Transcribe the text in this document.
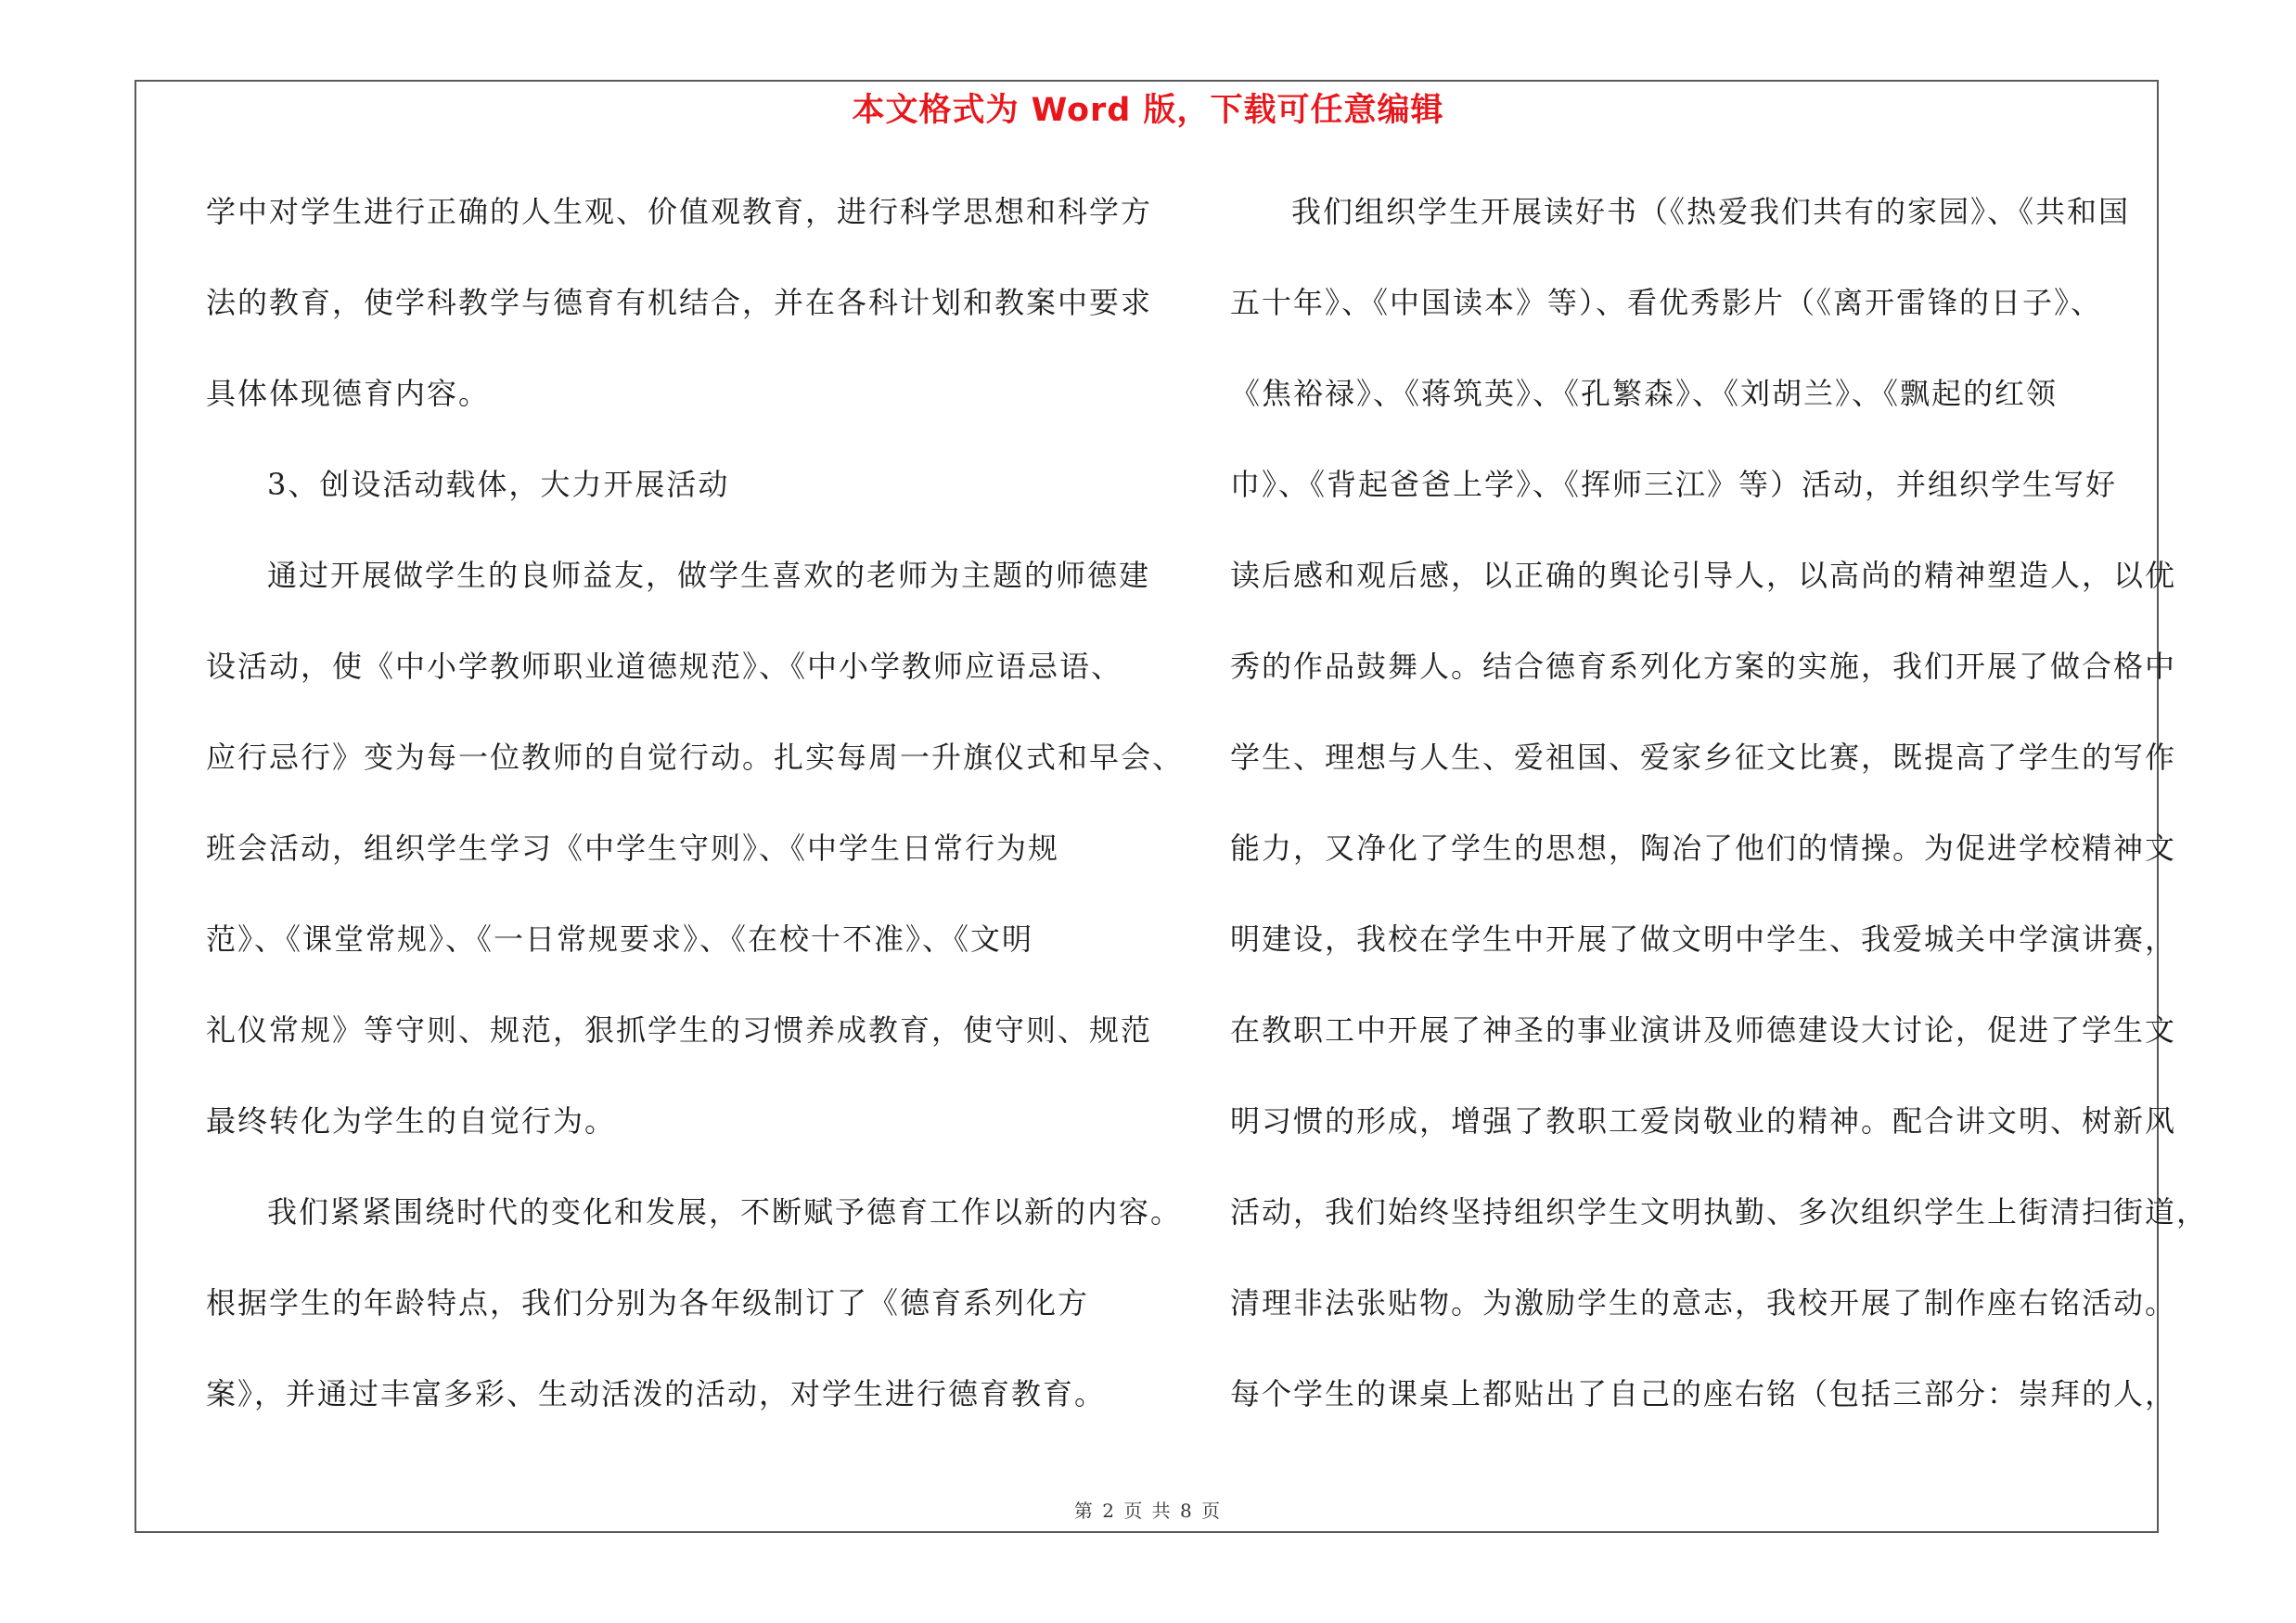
本文格式为 Word 版，下载可任意编辑
学中对学生进行正确的人生观、价值观教育，进行科学思想和科学方
法的教育，使学科教学与德育有机结合，并在各科计划和教案中要求
具体体现德育内容。
3、创设活动载体，大力开展活动
通过开展做学生的良师益友，做学生喜欢的老师为主题的师德建
设活动，使《中小学教师职业道德规范》、《中小学教师应语忌语、
应行忌行》变为每一位教师的自觉行动。扎实每周一升旗仪式和早会、
班会活动，组织学生学习《中学生守则》、《中学生日常行为规
范》、《课堂常规》、《一日常规要求》、《在校十不准》、《文明
礼仪常规》等守则、规范，狠抓学生的习惯养成教育，使守则、规范
最终转化为学生的自觉行为。
我们紧紧围绕时代的变化和发展，不断赋予德育工作以新的内容。
根据学生的年龄特点，我们分别为各年级制订了《德育系列化方
案》，并通过丰富多彩、生动活泼的活动，对学生进行德育教育。
我们组织学生开展读好书（《热爱我们共有的家园》、《共和国
五十年》、《中国读本》等）、看优秀影片（《离开雷锋的日子》、
《焦裕禄》、《蒋筑英》、《孔繁森》、《刘胡兰》、《飘起的红领
巾》、《背起爸爸上学》、《挥师三江》等）活动，并组织学生写好
读后感和观后感，以正确的舆论引导人，以高尚的精神塑造人，以优
秀的作品鼓舞人。结合德育系列化方案的实施，我们开展了做合格中
学生、理想与人生、爱祖国、爱家乡征文比赛，既提高了学生的写作
能力，又净化了学生的思想，陶冶了他们的情操。为促进学校精神文
明建设，我校在学生中开展了做文明中学生、我爱城关中学演讲赛，
在教职工中开展了神圣的事业演讲及师德建设大讨论，促进了学生文
明习惯的形成，增强了教职工爱岗敬业的精神。配合讲文明、树新风
活动，我们始终坚持组织学生文明执勤、多次组织学生上街清扫街道，
清理非法张贴物。为激励学生的意志，我校开展了制作座右铭活动。
每个学生的课桌上都贴出了自己的座右铭（包括三部分：崇拜的人，
第 2 页 共 8 页
